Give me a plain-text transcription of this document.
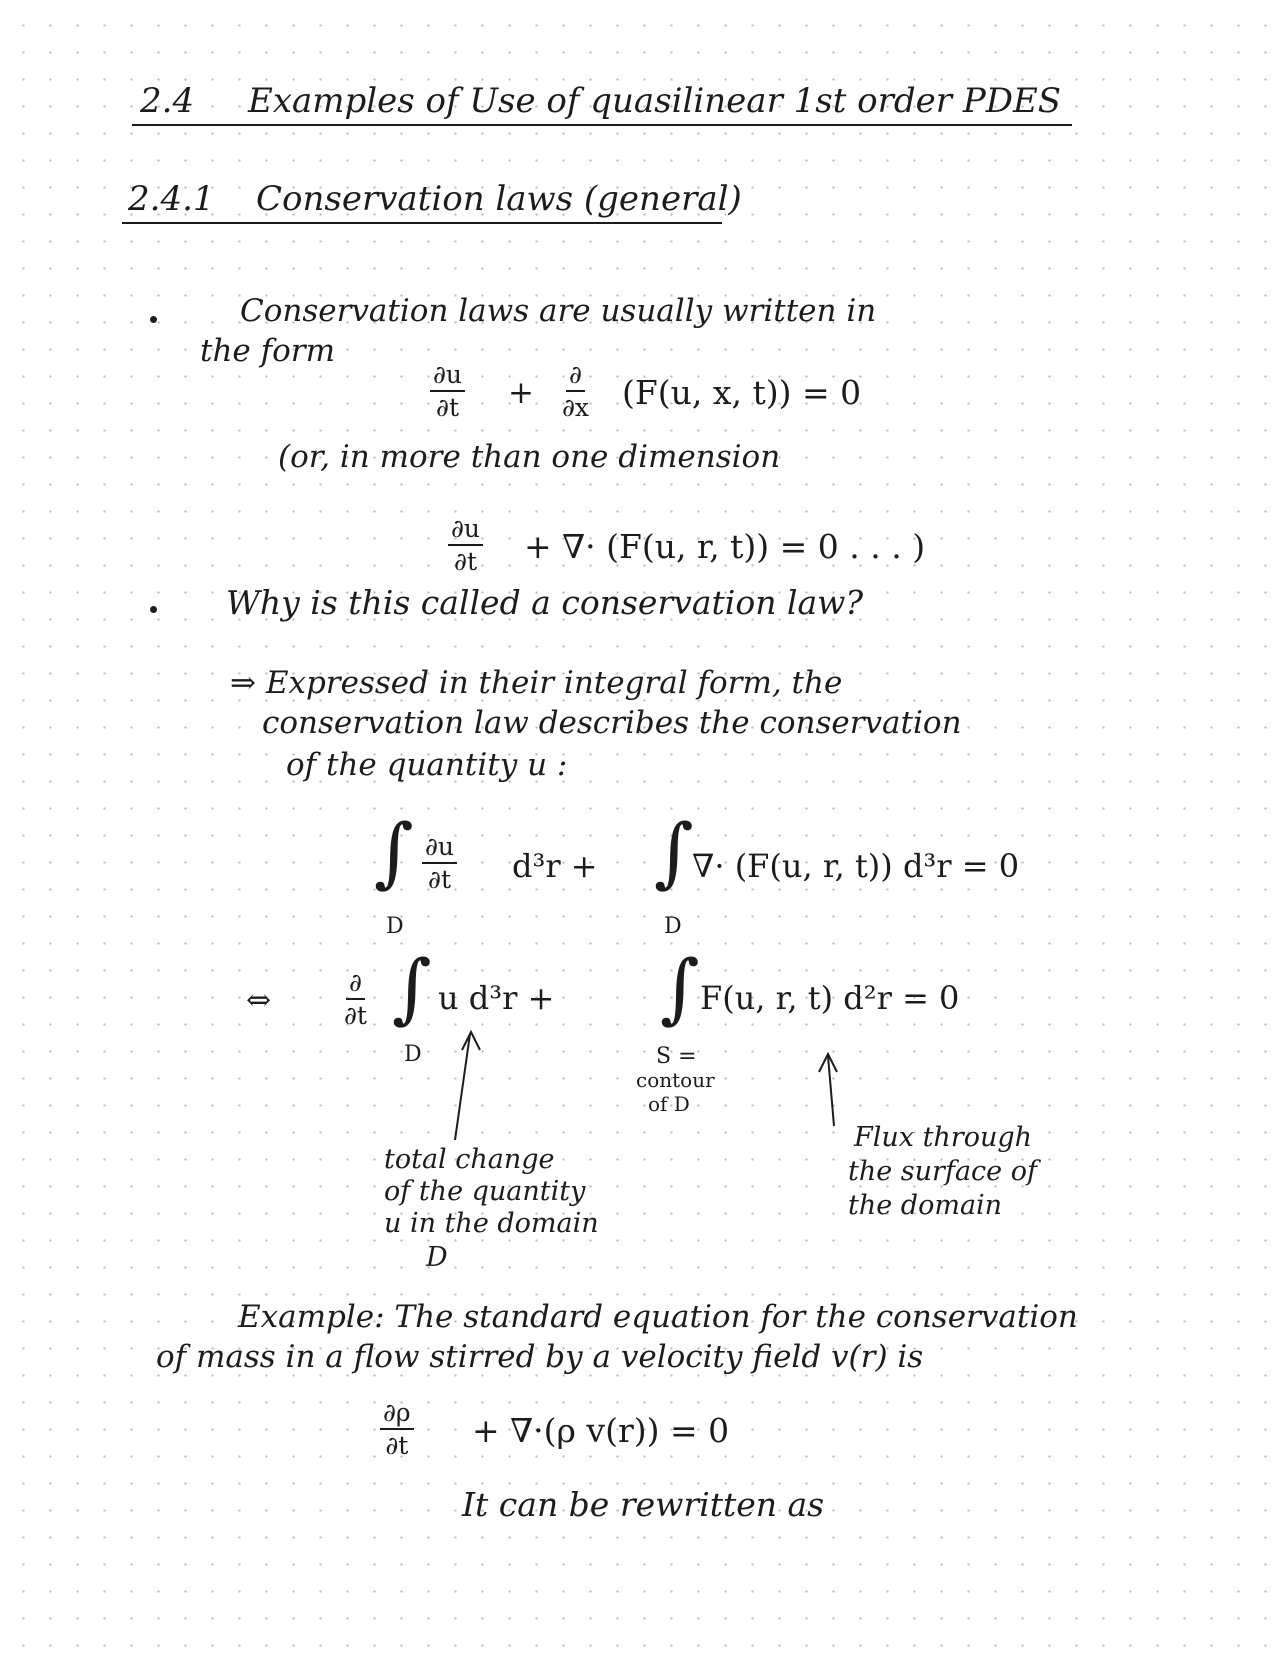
2.4 Examples of Use of quasilinear 1st order PDES
2.4.1 Conservation laws (general)
Conservation laws are usually written in
the form
$\frac{\partial u}{\partial t}$ +
∂
∂x (F(u, x, t)) = 0
(or, in more than one dimension
$\frac{\partial u}{\partial t}$ + ∇· (F(u, r, t)) = 0 . . . )
Why is this called a conservation law?
⇒ Expressed in their integral form, the
conservation law describes the conservation
of the quantity u :
∫
D
$\frac{\partial u}{\partial t} d^3r$ + ∫
D
∇· (F(u, r, t)) d³r = 0
⇔
∂
∂t ∫
D
u d³r + ∫ F(u, r, t) d²r = 0
S =
contour
of D
total change
of the quantity
u in the domain
D
Flux through
the surface of
the domain
Example: The standard equation for the conservation
of mass in a flow stirred by a velocity field v(r) is
$\frac{\partial\rho}{\partial t} + \nabla\cdot(\rho$ v(r)) = 0
It can be rewritten as
